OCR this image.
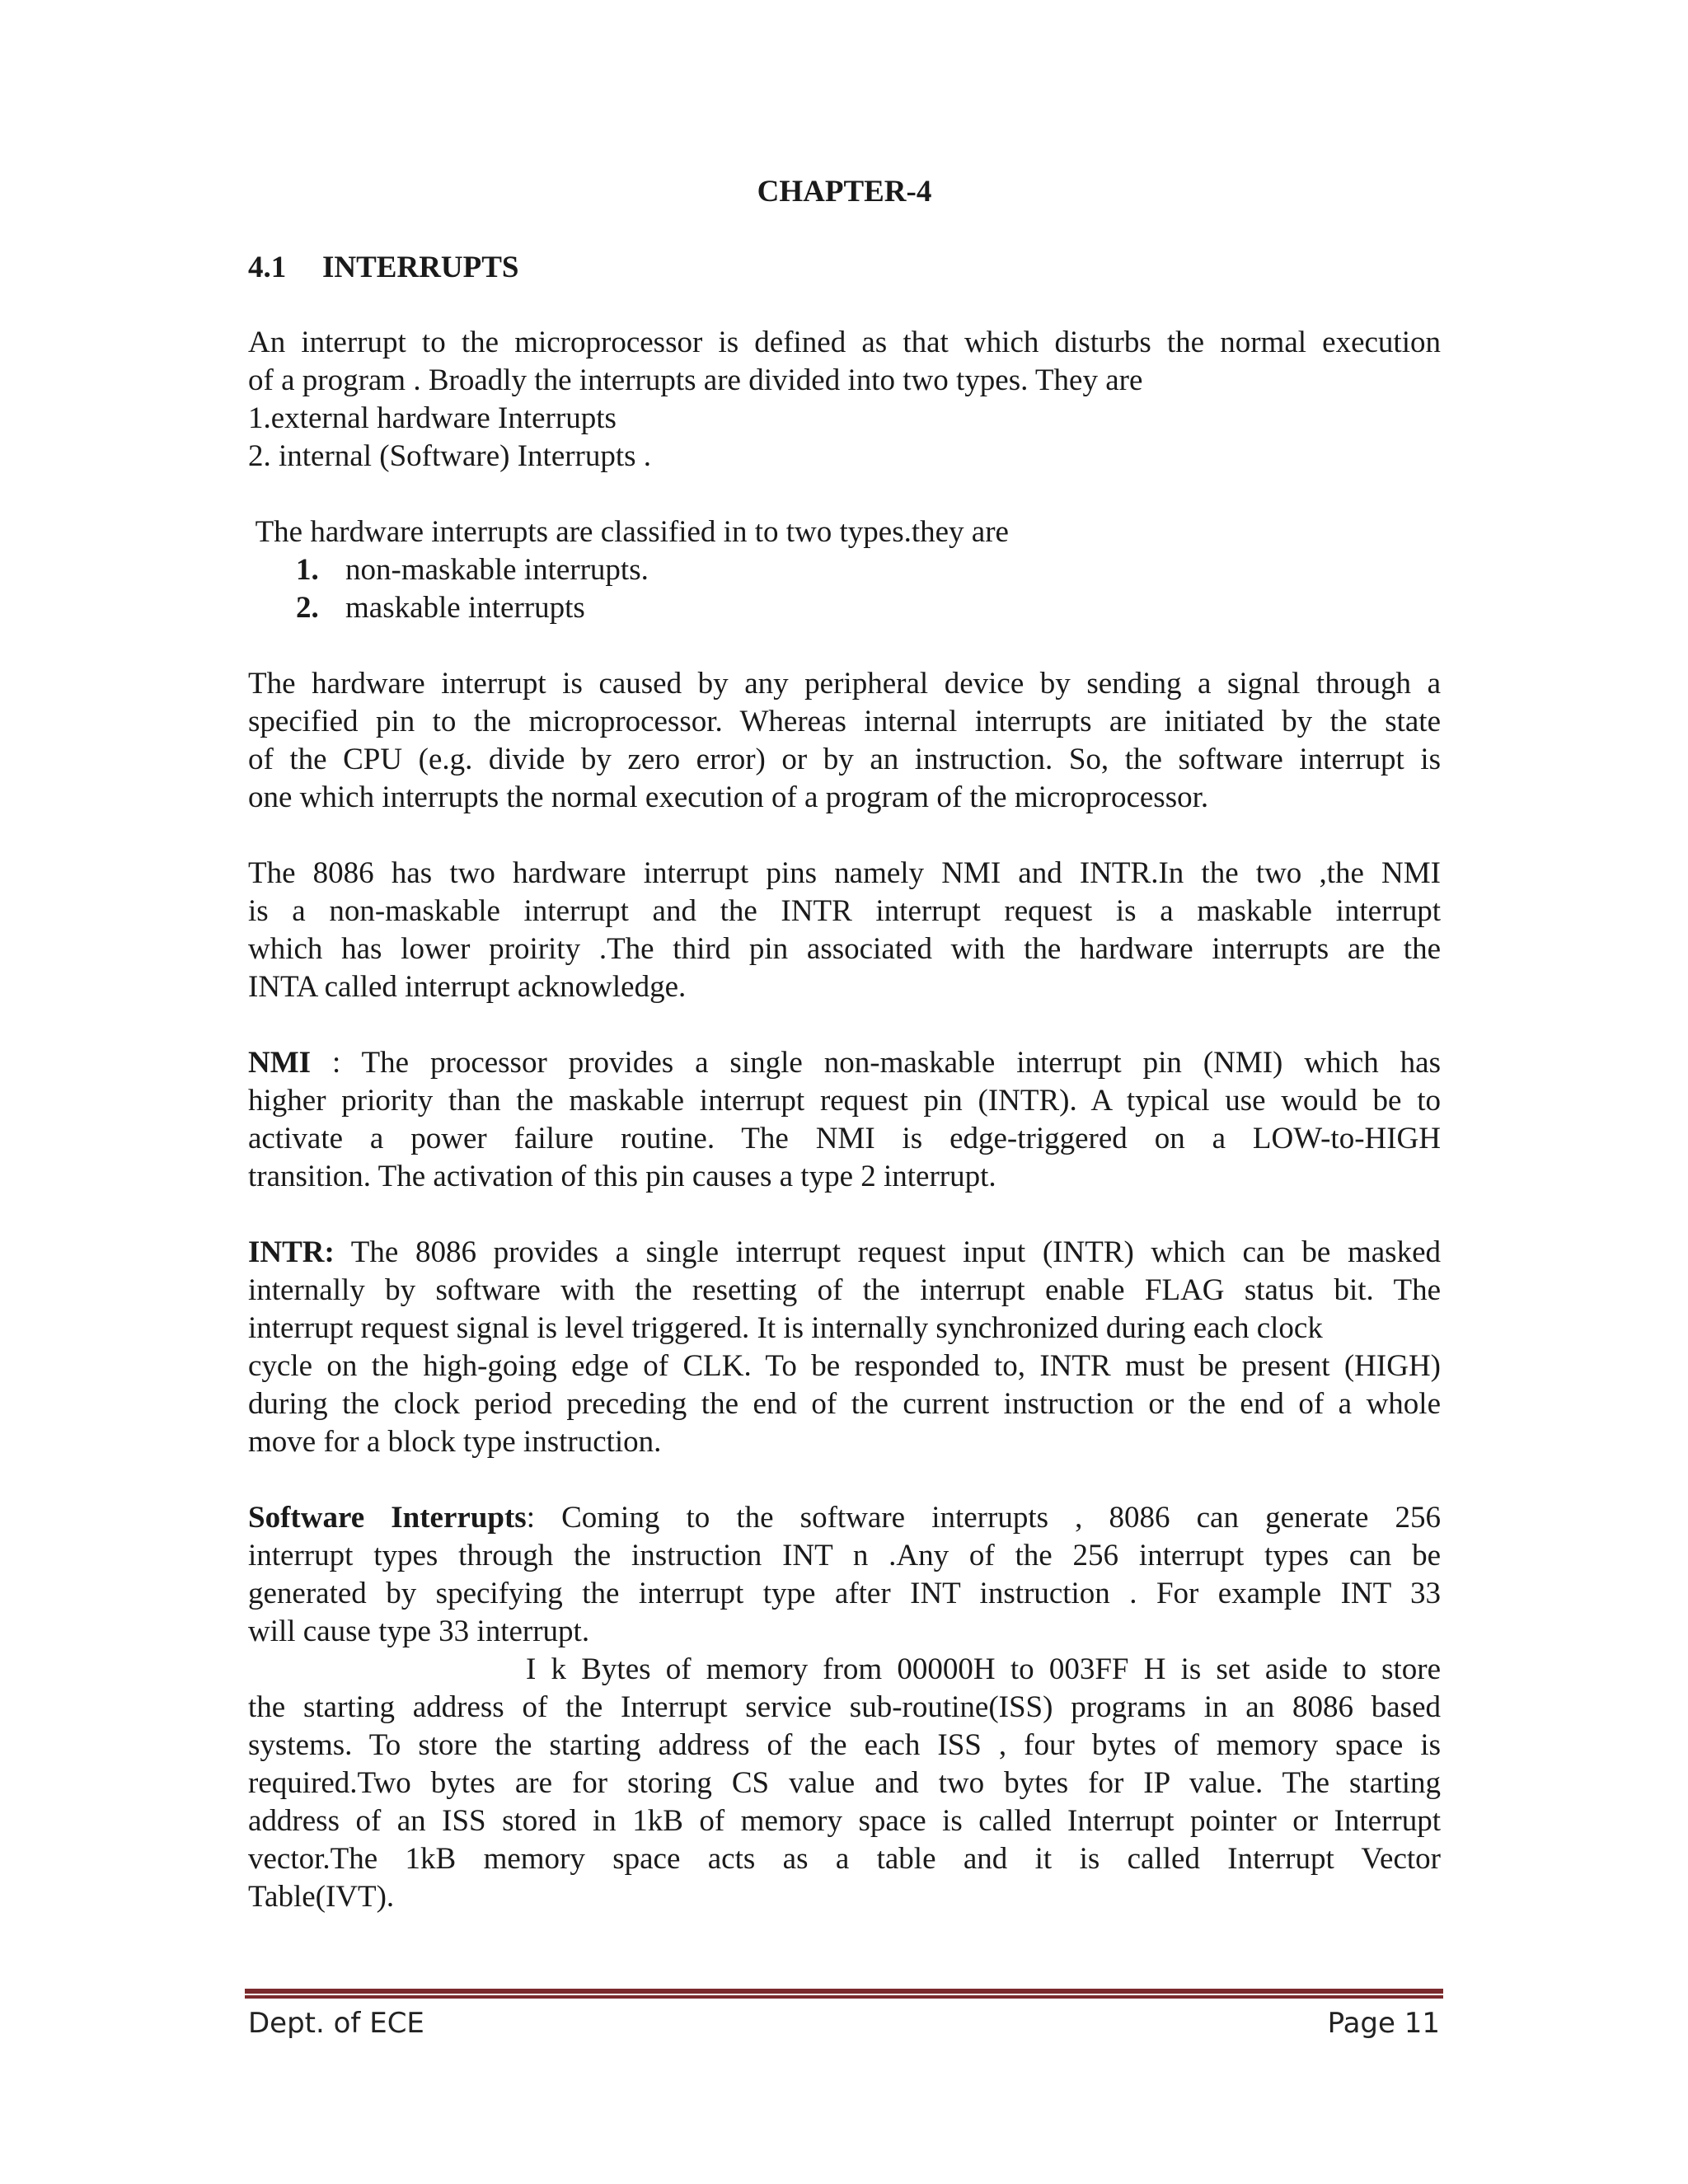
CHAPTER-4
4.1 INTERRUPTS
An interrupt to the microprocessor is defined as that which disturbs the normal execution
of a program . Broadly the interrupts are divided into two types. They are
1.external hardware Interrupts
2. internal (Software) Interrupts .
The hardware interrupts are classified in to two types.they are
1. non-maskable interrupts.
2. maskable interrupts
The hardware interrupt is caused by any peripheral device by sending a signal through a
specified pin to the microprocessor. Whereas internal interrupts are initiated by the state
of the CPU (e.g. divide by zero error) or by an instruction. So, the software interrupt is
one which interrupts the normal execution of a program of the microprocessor.
The 8086 has two hardware interrupt pins namely NMI and INTR.In the two ,the NMI
is a non-maskable interrupt and the INTR interrupt request is a maskable interrupt
which has lower proirity .The third pin associated with the hardware interrupts are the
INTA called interrupt acknowledge.
NMI : The processor provides a single non-maskable interrupt pin (NMI) which has
higher priority than the maskable interrupt request pin (INTR). A typical use would be to
activate a power failure routine. The NMI is edge-triggered on a LOW-to-HIGH
transition. The activation of this pin causes a type 2 interrupt.
INTR: The 8086 provides a single interrupt request input (INTR) which can be masked
internally by software with the resetting of the interrupt enable FLAG status bit. The
interrupt request signal is level triggered. It is internally synchronized during each clock
cycle on the high-going edge of CLK. To be responded to, INTR must be present (HIGH)
during the clock period preceding the end of the current instruction or the end of a whole
move for a block type instruction.
Software Interrupts: Coming to the software interrupts , 8086 can generate 256
interrupt types through the instruction INT n .Any of the 256 interrupt types can be
generated by specifying the interrupt type after INT instruction . For example INT 33
will cause type 33 interrupt.
I k Bytes of memory from 00000H to 003FF H is set aside to store
the starting address of the Interrupt service sub-routine(ISS) programs in an 8086 based
systems. To store the starting address of the each ISS , four bytes of memory space is
required.Two bytes are for storing CS value and two bytes for IP value. The starting
address of an ISS stored in 1kB of memory space is called Interrupt pointer or Interrupt
vector.The 1kB memory space acts as a table and it is called Interrupt Vector
Table(IVT).
Dept. of ECE	Page 11
